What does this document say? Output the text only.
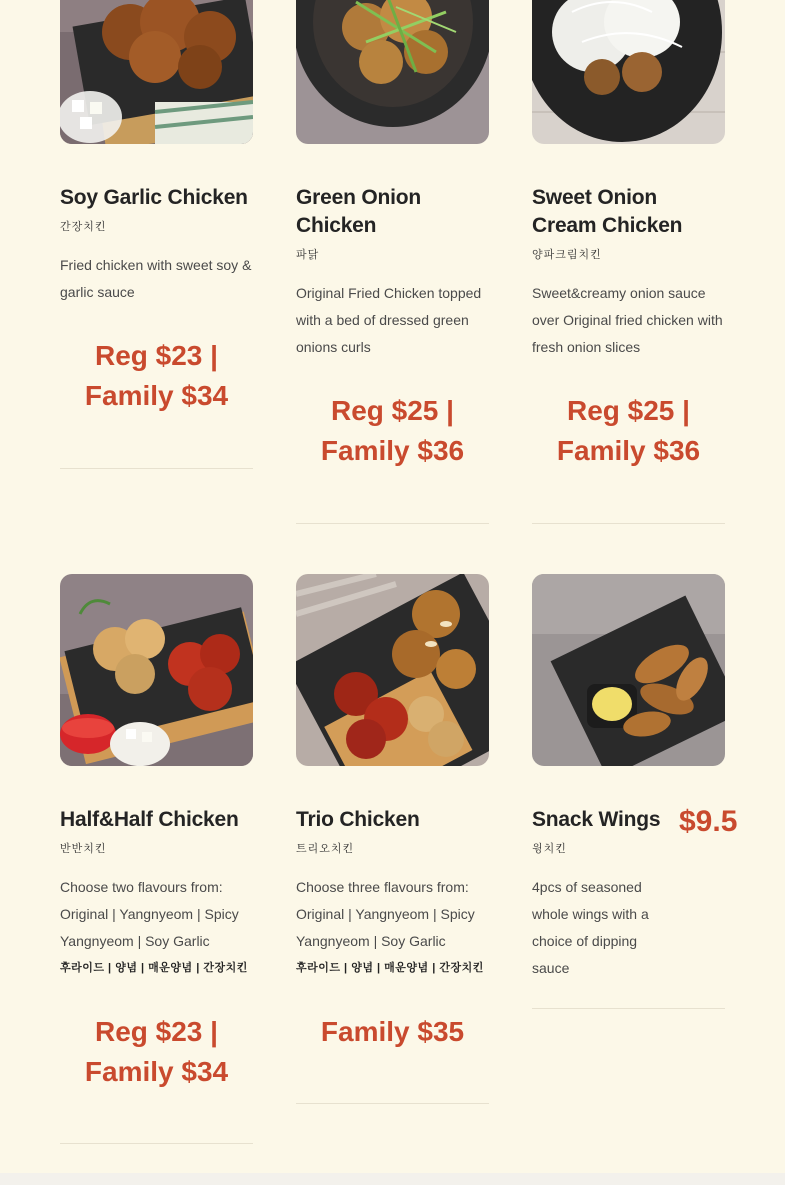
Soy Garlic Chicken
간장치킨
Fried chicken with sweet soy & garlic sauce
Reg $23 |
Family $34
Green Onion Chicken
파닭
Original Fried Chicken topped with a bed of dressed green onions curls
Reg $25 |
Family $36
Sweet Onion Cream Chicken
양파크림치킨
Sweet&creamy onion sauce over Original fried chicken with fresh onion slices
Reg $25 |
Family $36
Half&Half Chicken
반반치킨
Choose two flavours from: Original | Yangnyeom | Spicy Yangnyeom | Soy Garlic
후라이드 | 양념 | 매운양념 | 간장치킨
Reg $23 |
Family $34
Trio Chicken
트리오치킨
Choose three flavours from: Original | Yangnyeom | Spicy Yangnyeom | Soy Garlic
후라이드 | 양념 | 매운양념 | 간장치킨
Family $35
Snack Wings
윙치킨
4pcs of seasoned whole wings with a choice of dipping sauce
$9.5
